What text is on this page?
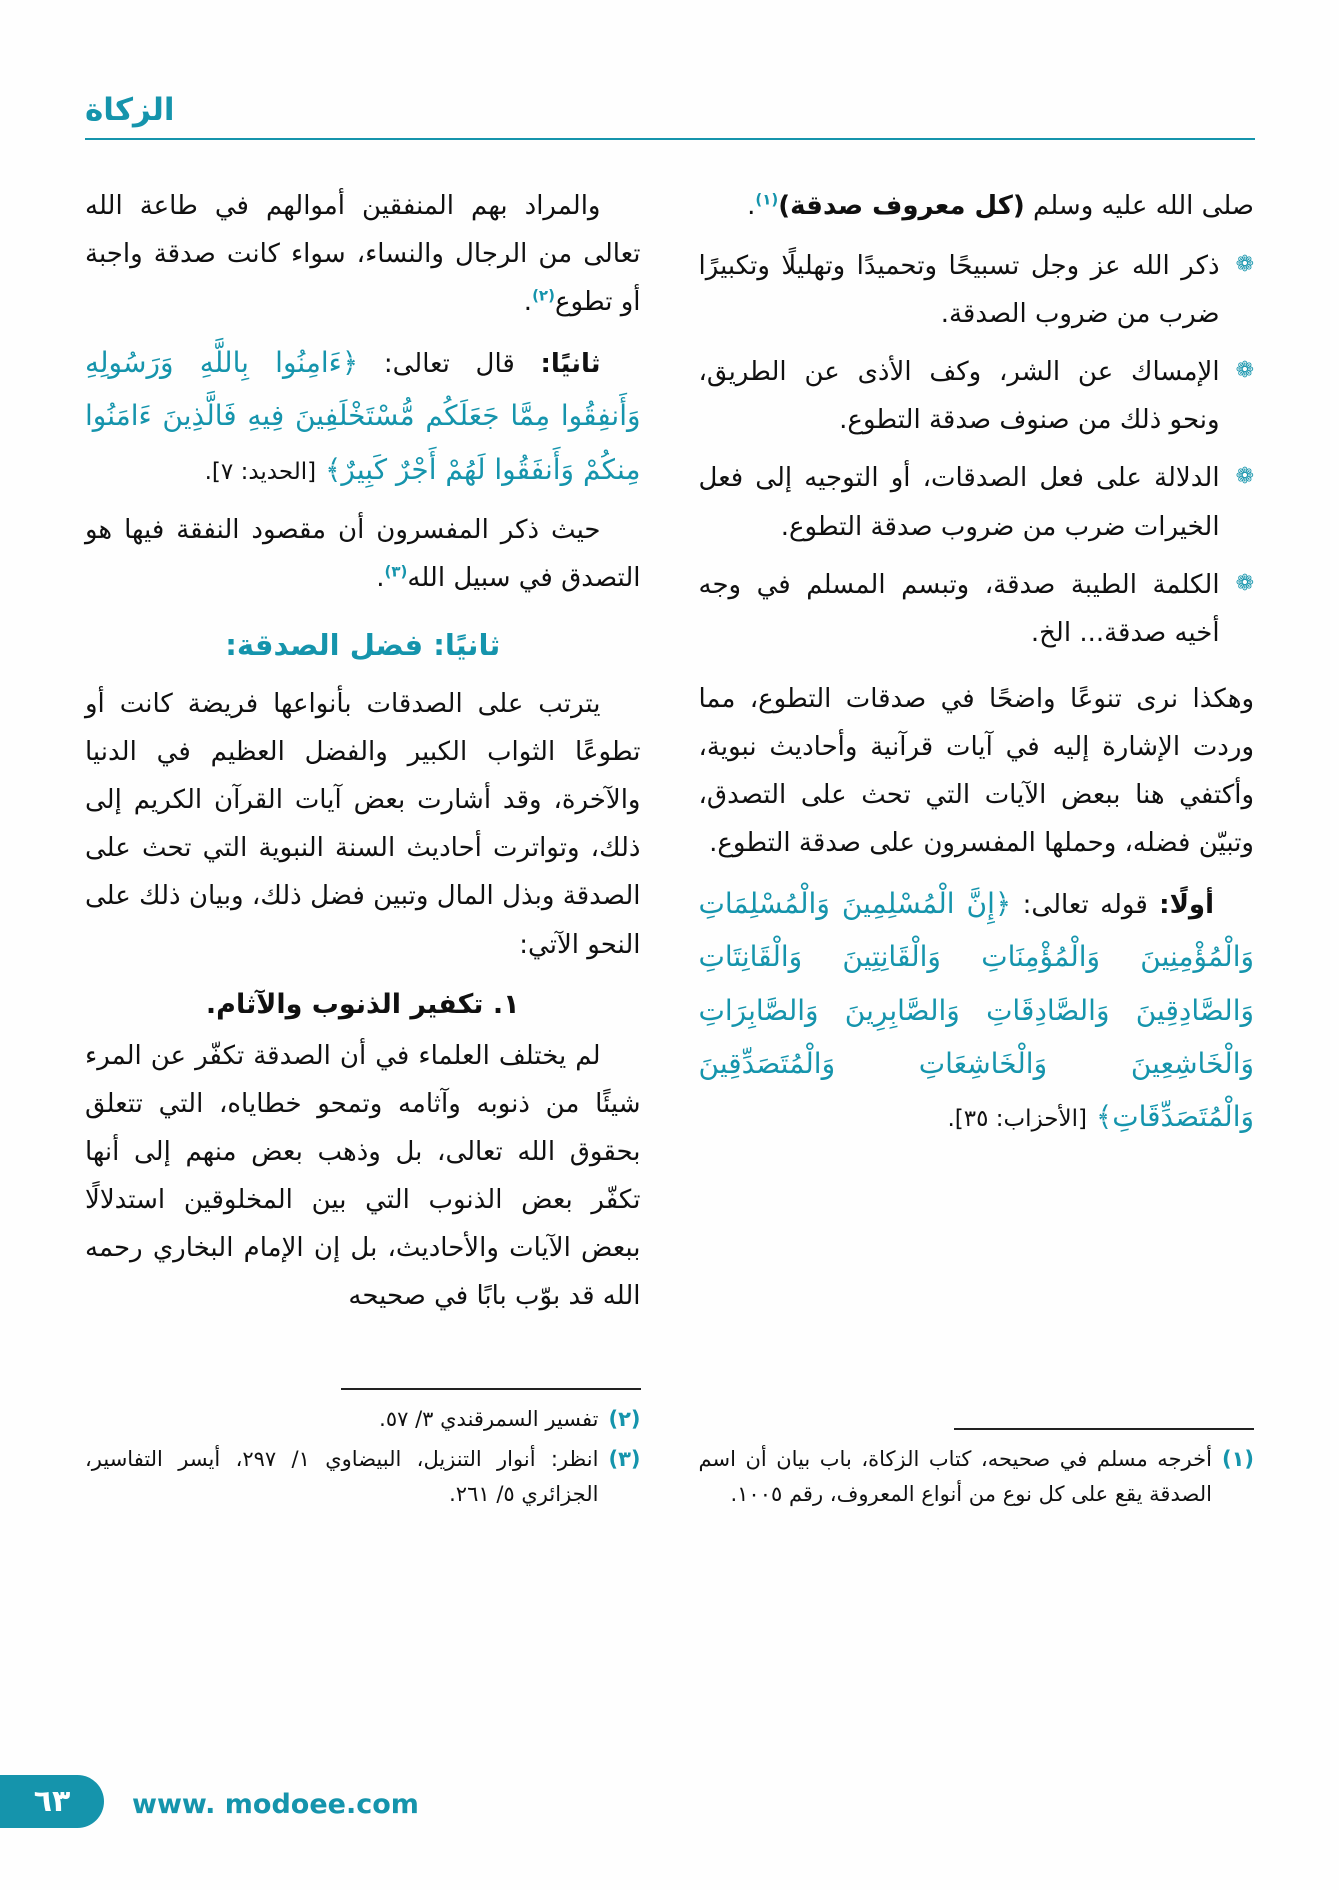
الزكاة

صلى الله عليه وسلم (كل معروف صدقة)$^{(١)}$.

❁
ذكر الله عز وجل تسبيحًا وتحميدًا وتهليلًا وتكبيرًا ضرب من ضروب الصدقة.
❁
الإمساك عن الشر، وكف الأذى عن الطريق، ونحو ذلك من صنوف صدقة التطوع.
❁
الدلالة على فعل الصدقات، أو التوجيه إلى فعل الخيرات ضرب من ضروب صدقة التطوع.
❁
الكلمة الطيبة صدقة، وتبسم المسلم في وجه أخيه صدقة... الخ.

وهكذا نرى تنوعًا واضحًا في صدقات التطوع، مما وردت الإشارة إليه في آيات قرآنية وأحاديث نبوية، وأكتفي هنا ببعض الآيات التي تحث على التصدق، وتبيّن فضله، وحملها المفسرون على صدقة التطوع.

أولًا: قوله تعالى: ﴿إِنَّ الْمُسْلِمِينَ وَالْمُسْلِمَاتِ وَالْمُؤْمِنِينَ وَالْمُؤْمِنَاتِ وَالْقَانِتِينَ وَالْقَانِتَاتِ وَالصَّادِقِينَ وَالصَّادِقَاتِ وَالصَّابِرِينَ وَالصَّابِرَاتِ وَالْخَاشِعِينَ وَالْخَاشِعَاتِ وَالْمُتَصَدِّقِينَ وَالْمُتَصَدِّقَاتِ﴾ [الأحزاب: ٣٥].

(١)
أخرجه مسلم في صحيحه، كتاب الزكاة، باب بيان أن اسم الصدقة يقع على كل نوع من أنواع المعروف، رقم ١٠٠٥.

والمراد بهم المنفقين أموالهم في طاعة الله تعالى من الرجال والنساء، سواء كانت صدقة واجبة أو تطوع$^{(٢)}$.

ثانيًا: قال تعالى: ﴿ءَامِنُوا بِاللَّهِ وَرَسُولِهِ وَأَنفِقُوا مِمَّا جَعَلَكُم مُّسْتَخْلَفِينَ فِيهِ فَالَّذِينَ ءَامَنُوا مِنكُمْ وَأَنفَقُوا لَهُمْ أَجْرٌ كَبِيرٌ﴾ [الحديد: ٧].

حيث ذكر المفسرون أن مقصود النفقة فيها هو التصدق في سبيل الله$^{(٣)}$.

ثانيًا: فضل الصدقة:

يترتب على الصدقات بأنواعها فريضة كانت أو تطوعًا الثواب الكبير والفضل العظيم في الدنيا والآخرة، وقد أشارت بعض آيات القرآن الكريم إلى ذلك، وتواترت أحاديث السنة النبوية التي تحث على الصدقة وبذل المال وتبين فضل ذلك، وبيان ذلك على النحو الآتي:

١. تكفير الذنوب والآثام.

لم يختلف العلماء في أن الصدقة تكفّر عن المرء شيئًا من ذنوبه وآثامه وتمحو خطاياه، التي تتعلق بحقوق الله تعالى، بل وذهب بعض منهم إلى أنها تكفّر بعض الذنوب التي بين المخلوقين استدلالًا ببعض الآيات والأحاديث، بل إن الإمام البخاري رحمه الله قد بوّب بابًا في صحيحه

(٢)
تفسير السمرقندي ٣/ ٥٧.
(٣)
انظر: أنوار التنزيل، البيضاوي ١/ ٢٩٧، أيسر التفاسير، الجزائري ٥/ ٢٦١.
٦٣ www. modoee.com
